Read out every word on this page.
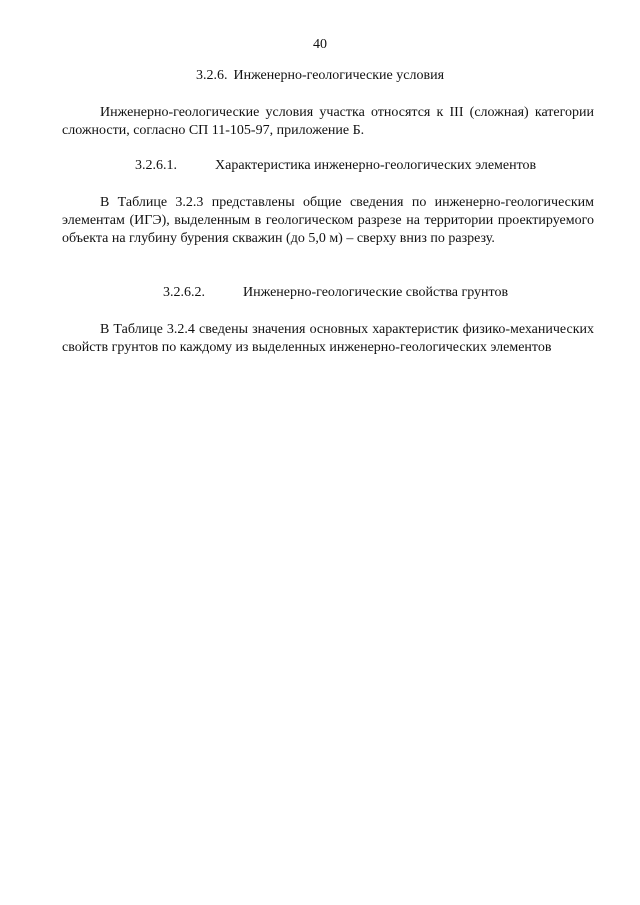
40
3.2.6. Инженерно-геологические условия

Инженерно-геологические условия участка относятся к III (сложная) категории сложности, согласно СП 11-105-97, приложение Б.

3.2.6.1.	Характеристика инженерно-геологических элементов

В Таблице 3.2.3 представлены общие сведения по инженерно-геологическим элементам (ИГЭ), выделенным в геологическом разрезе на территории проектируемого объекта на глубину бурения скважин (до 5,0 м) – сверху вниз по разрезу.

3.2.6.2.	Инженерно-геологические свойства грунтов

В Таблице 3.2.4 сведены значения основных характеристик физико-механических свойств грунтов по каждому из выделенных инженерно-геологических элементов
